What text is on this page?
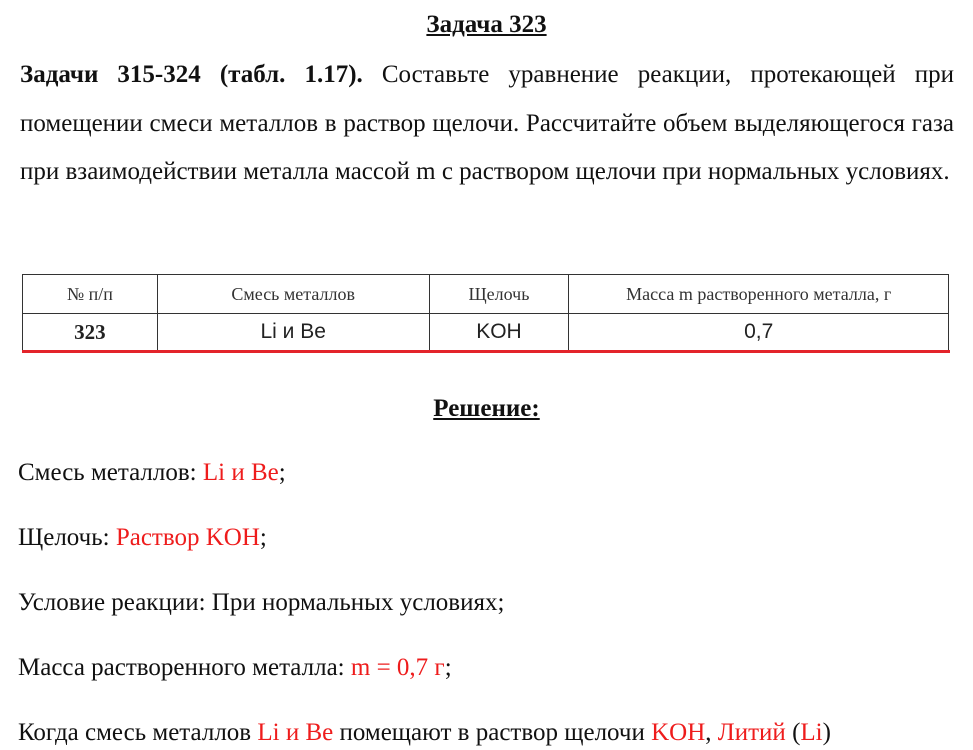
Задача 323
Задачи 315-324 (табл. 1.17). Составьте уравнение реакции, протекающей при помещении смеси металлов в раствор щелочи. Рассчитайте объем выделяющегося газа при взаимодействии металла массой m с раствором щелочи при нормальных условиях.
№ п/п	Смесь металлов	Щелочь	Масса m растворенного металла, г
323	Li и Be	KOH	0,7
Решение:
Смесь металлов: Li и Be;
Щелочь: Раствор KOH;
Условие реакции: При нормальных условиях;
Масса растворенного металла: m = 0,7 г;
Когда смесь металлов Li и Be помещают в раствор щелочи KOH, Литий (Li)
